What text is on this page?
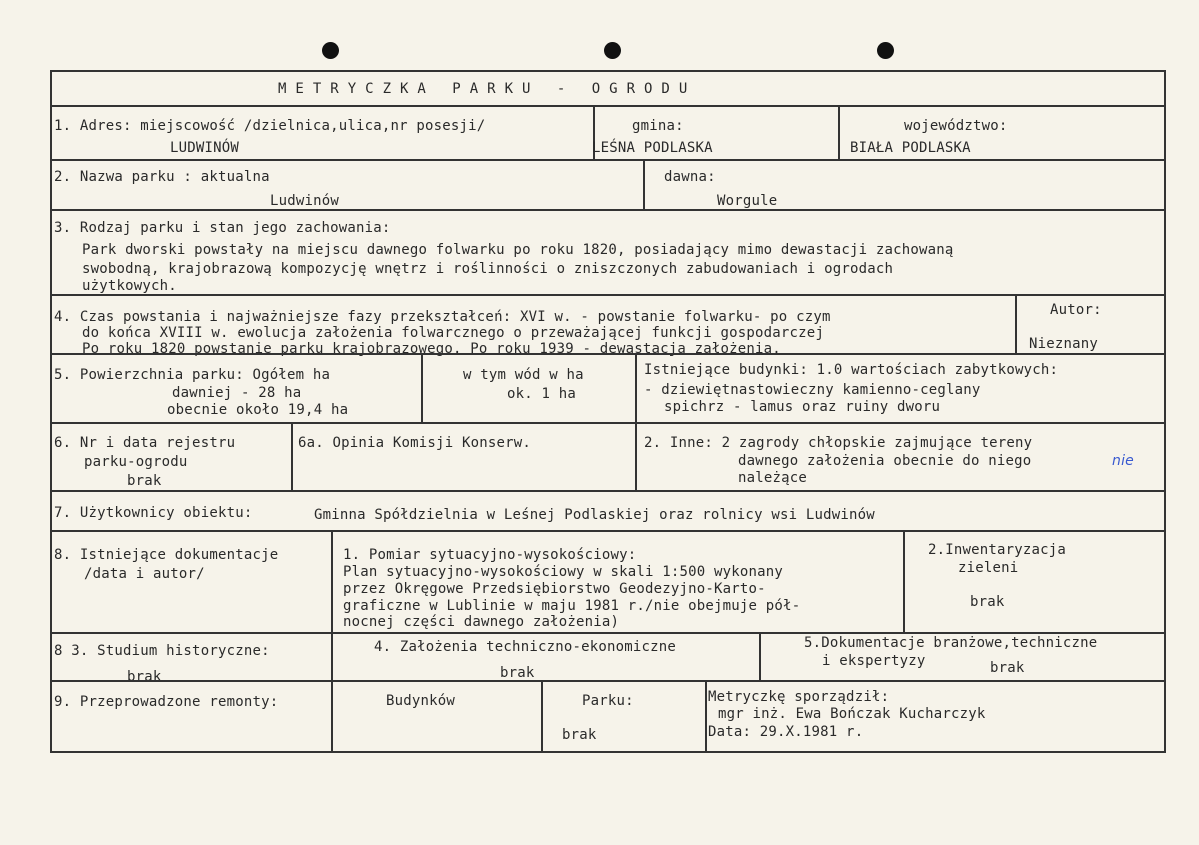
METRYCZKA PARKU - OGRODU
1. Adres: miejscowość /dzielnica,ulica,nr posesji/
LUDWINÓW
gmina:
LEŚNA PODLASKA
województwo:
BIAŁA PODLASKA
2. Nazwa parku : aktualna
Ludwinów
dawna:
Worgule
3. Rodzaj parku i stan jego zachowania:
Park dworski powstały na miejscu dawnego folwarku po roku 1820, posiadający mimo dewastacji zachowaną
swobodną, krajobrazową kompozycję wnętrz i roślinności o zniszczonych zabudowaniach i ogrodach
użytkowych.
4. Czas powstania i najważniejsze fazy przekształceń: XVI w. - powstanie folwarku- po czym
do końca XVIII w. ewolucja założenia folwarcznego o przeważającej funkcji gospodarczej
Po roku 1820 powstanie parku krajobrazowego. Po roku 1939 - dewastacja założenia.
Autor:
Nieznany
5. Powierzchnia parku: Ogółem ha
dawniej - 28 ha
obecnie około 19,4 ha
w tym wód w ha
ok. 1 ha
Istniejące budynki: 1.0 wartościach zabytkowych:
- dziewiętnastowieczny kamienno-ceglany
spichrz - lamus oraz ruiny dworu
6. Nr i data rejestru
parku-ogrodu
brak
6a. Opinia Komisji Konserw.	2. Inne: 2 zagrody chłopskie zajmujące tereny
dawnego założenia obecnie do niego	nie
należące
7. Użytkownicy obiektu:	Gminna Spółdzielnia w Leśnej Podlaskiej oraz rolnicy wsi Ludwinów
8. Istniejące dokumentacje
/data i autor/
1. Pomiar sytuacyjno-wysokościowy:
Plan sytuacyjno-wysokościowy w skali 1:500 wykonany
przez Okręgowe Przedsiębiorstwo Geodezyjno-Karto-
graficzne w Lublinie w maju 1981 r./nie obejmuje pół-
nocnej części dawnego założenia)
2.Inwentaryzacja
zieleni
brak
8 3. Studium historyczne:
brak
4. Założenia techniczno-ekonomiczne
brak
5.Dokumentacje branżowe,techniczne
i ekspertyzy	brak
9. Przeprowadzone remonty:	Budynków	Parku:
brak
Metryczkę sporządził:
mgr inż. Ewa Bończak Kucharczyk
Data: 29.X.1981 r.
